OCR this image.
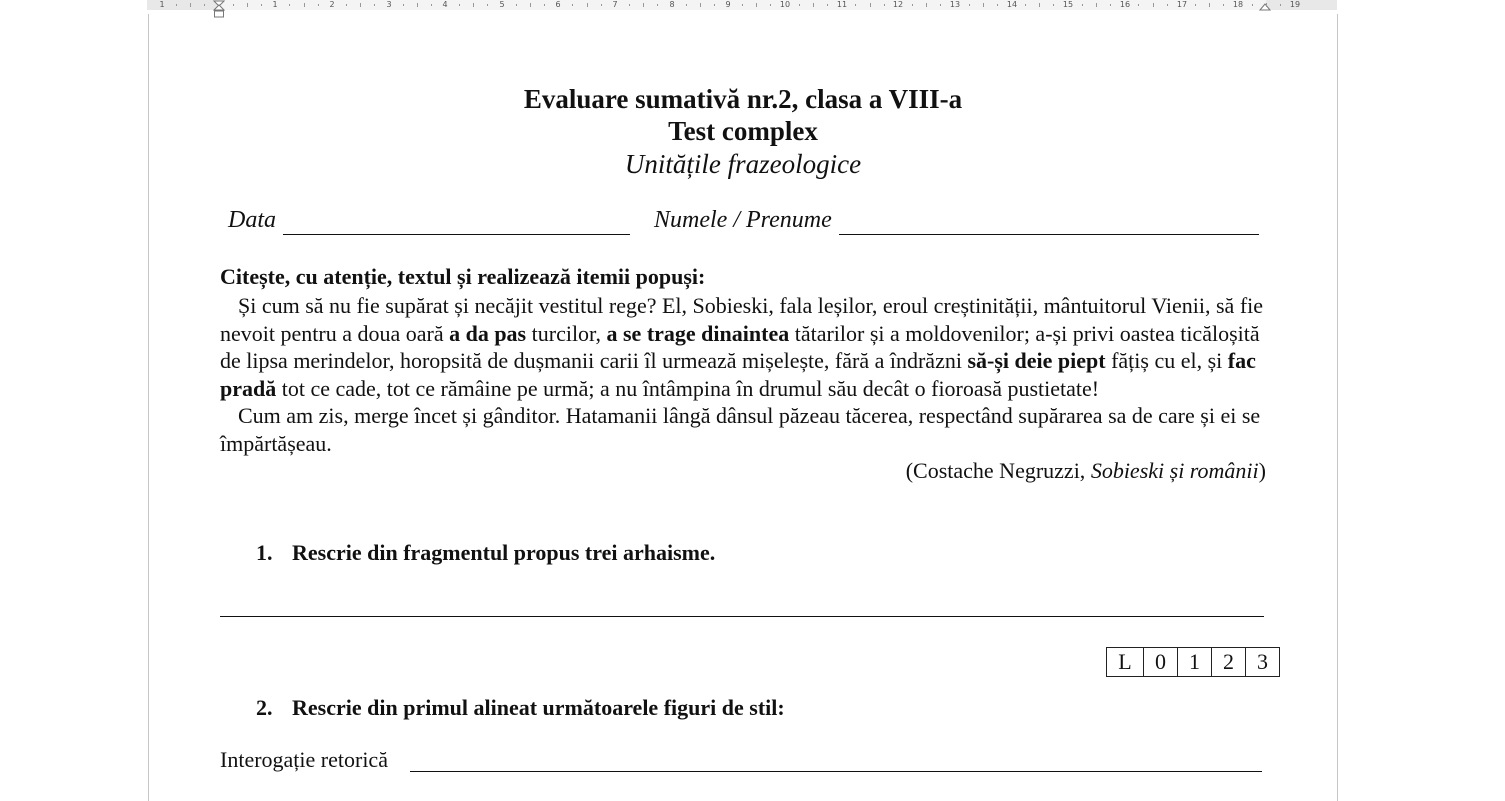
1	1	2	3	4	5	6	7	8	9	10	11	12	13	14	15	16	17	18	19
Evaluare sumativă nr.2, clasa a VIII-a
Test complex
Unitățile frazeologice
Data	Numele / Prenume
Citește, cu atenție, textul și realizează itemii popuși:

Și cum să nu fie supărat și necăjit vestitul rege? El, Sobieski, fala leșilor, eroul creștinității, mântuitorul Vienii, să fie nevoit pentru a doua oară a da pas turcilor, a se trage dinaintea tătarilor și a moldovenilor; a-și privi oastea ticăloșită de lipsa merindelor, horopsită de dușmanii carii îl urmează mișelește, fără a îndrăzni să-și deie piept fățiș cu el, și fac pradă tot ce cade, tot ce rămâine pe urmă; a nu întâmpina în drumul său decât o fioroasă pustietate!

Cum am zis, merge încet și gânditor. Hatamanii lângă dânsul păzeau tăcerea, respectând supărarea sa de care și ei se împărtășeau.

(Costache Negruzzi, Sobieski și românii)

1. Rescrie din fragmentul propus trei arhaisme.
L	0	1	2	3
2. Rescrie din primul alineat următoarele figuri de stil:
Interogație retorică
